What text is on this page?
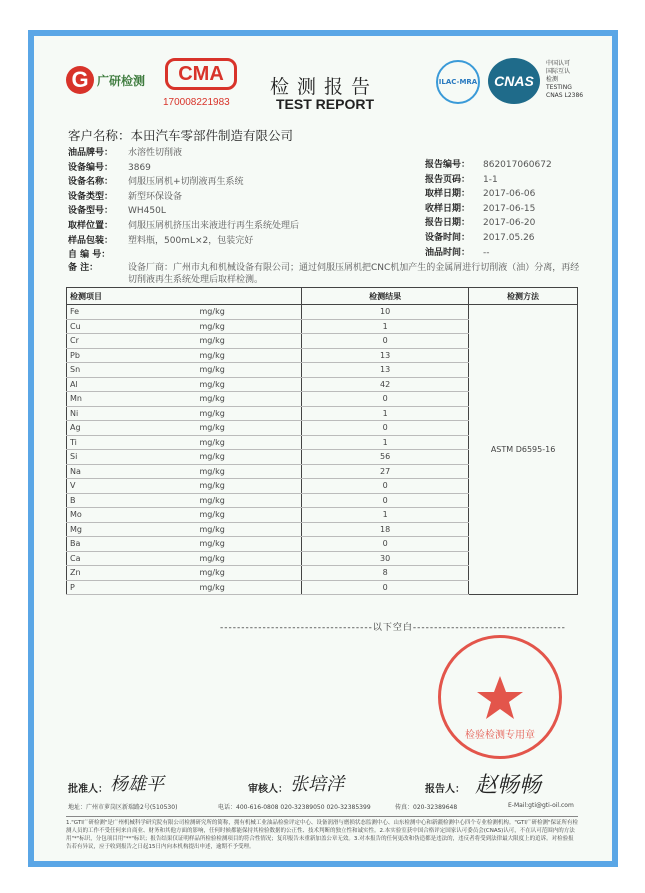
G 广研检测	CMA
170008221983
检测报告
TEST REPORT
ILAC-MRA	CNAS
中国认可
国际互认
检测
TESTING
CNAS L2386
客户名称：本田汽车零部件制造有限公司
油品牌号： 水溶性切削液
设备编号： 3869
设备名称： 伺服压屑机+切削液再生系统
设备类型： 新型环保设备
设备型号： WH450L
取样位置： 伺服压屑机挤压出来液进行再生系统处理后
样品包装： 塑料瓶，500mL×2，包装完好
自 编 号：
报告编号： 862017060672
报告页码： 1-1
取样日期： 2017-06-06
收样日期： 2017-06-15
报告日期： 2017-06-20
设备时间： 2017.05.26
油品时间： --
备 注：	设备厂商：广州市丸和机械设备有限公司；通过伺服压屑机把CNC机加产生的金属屑进行切削液（油）分离，再经切削液再生系统处理后取样检测。
检测项目		检测结果	检测方法
Fe	mg/kg	10	ASTM D6595-16
Cu	mg/kg	1	
Cr	mg/kg	0	
Pb	mg/kg	13	
Sn	mg/kg	13	
Al	mg/kg	42	
Mn	mg/kg	0	
Ni	mg/kg	1	
Ag	mg/kg	0	
Ti	mg/kg	1	
Si	mg/kg	56	
Na	mg/kg	27	
V	mg/kg	0	
B	mg/kg	0	
Mo	mg/kg	1	
Mg	mg/kg	18	
Ba	mg/kg	0	
Ca	mg/kg	30	
Zn	mg/kg	8	
P	mg/kg	0	
------------------------------------以下空白------------------------------------
检验检测专用章
批准人： 杨雄平	审核人： 张培洋	报告人： 赵畅畅
地址：广州市萝岗区新瑞路2号(510530)	电话：400-616-0808 020-32389050 020-32385399	传真：020-32389648	E-Mail:gti@gti-oil.com
1."GTI广研检测"是广州机械科学研究院有限公司检测研究所的简称，拥有机械工业油品检验评定中心、设备润滑与磨损状态监测中心、山东检测中心和新疆检测中心四个专业检测机构。"GTI广研检测"保证所有检测人员的工作不受任何来自商业、财务和其他方面的影响，任何时候都能保持其检验数据的公正性、技术判断的独立性和诚实性。2.本实验室获中国合格评定国家认可委员会(CNAS)认可，不在认可范围内的方法用"*"标识，分包项目用"**"标识；报告结果仅证明样品所检验检测项目的符合性情况；复印报告未重新加盖公章无效。3.对本报告的任何更改和伪造都是违法的，违反者将受到法律最大限度上的追诉。对检验报告若有异议，应于收到报告之日起15日内向本机构提出申述，逾期不予受理。
